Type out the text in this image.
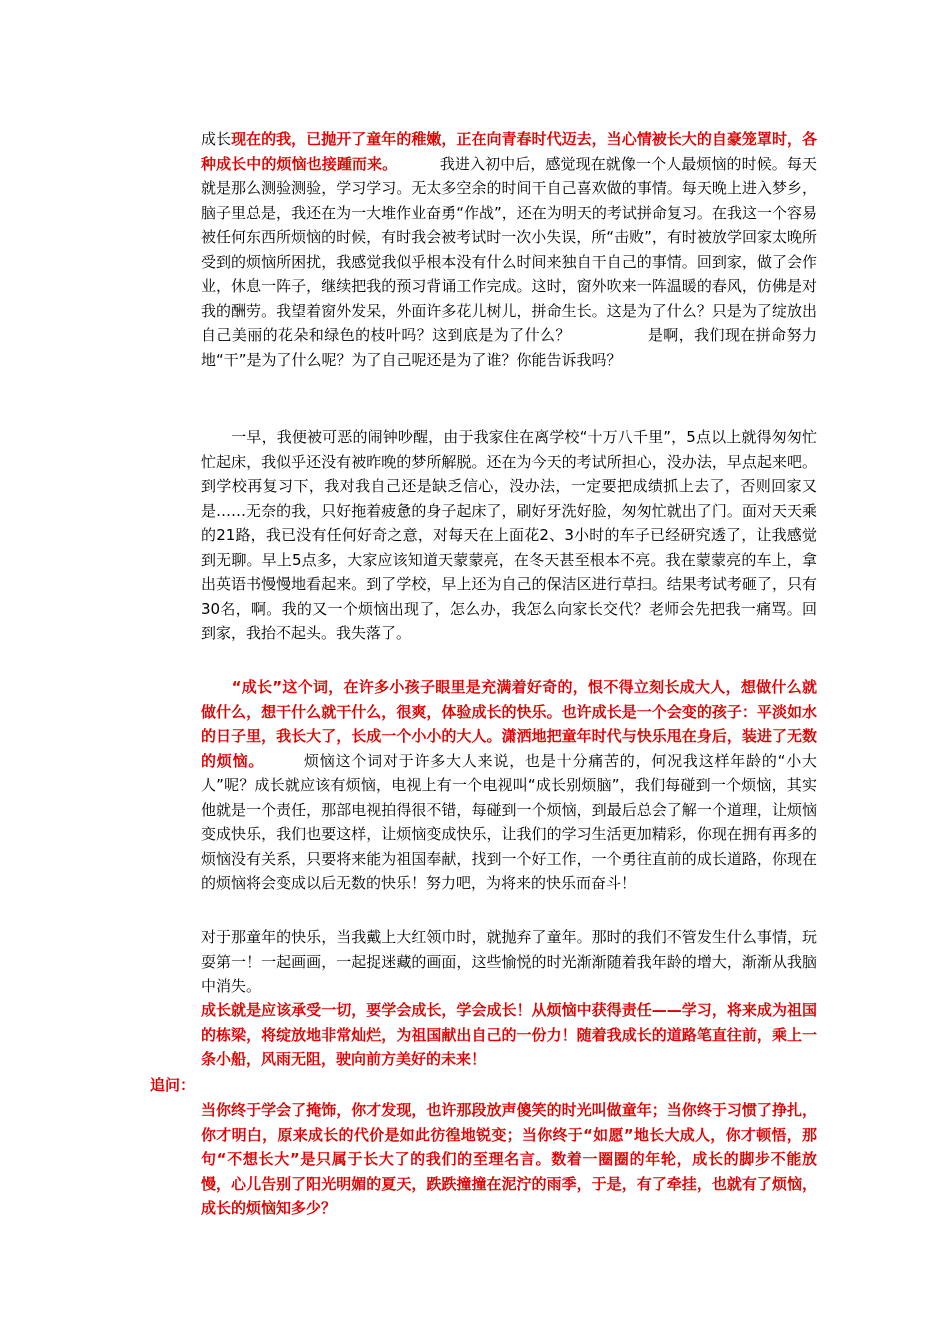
成长现在的我，已抛开了童年的稚嫩，正在向青春时代迈去，当心情被长大的自豪笼罩时，各种成长中的烦恼也接踵而来。　　　 我进入初中后，感觉现在就像一个人最烦恼的时候。每天就是那么测验测验，学习学习。无太多空余的时间干自己喜欢做的事情。每天晚上进入梦乡，脑子里总是，我还在为一大堆作业奋勇“作战”，还在为明天的考试拼命复习。在我这一个容易被任何东西所烦恼的时候，有时我会被考试时一次小失误，所“击败”，有时被放学回家太晚所受到的烦恼所困扰，我感觉我似乎根本没有什么时间来独自干自己的事情。回到家，做了会作业，休息一阵子，继续把我的预习背诵工作完成。这时，窗外吹来一阵温暖的春风，仿佛是对我的酬劳。我望着窗外发呆，外面许多花儿树儿，拼命生长。这是为了什么？只是为了绽放出自己美丽的花朵和绿色的枝叶吗？这到底是为了什么？　　　　　是啊，我们现在拼命努力地“干”是为了什么呢？为了自己呢还是为了谁？你能告诉我吗？
　　一早，我便被可恶的闹钟吵醒，由于我家住在离学校“十万八千里”，5点以上就得匆匆忙忙起床，我似乎还没有被昨晚的梦所解脱。还在为今天的考试所担心，没办法，早点起来吧。到学校再复习下，我对我自己还是缺乏信心，没办法，一定要把成绩抓上去了，否则回家又是……无奈的我，只好拖着疲惫的身子起床了，刷好牙洗好脸，匆匆忙就出了门。面对天天乘的21路，我已没有任何好奇之意，对每天在上面花2、3小时的车子已经研究透了，让我感觉到无聊。早上5点多，大家应该知道天蒙蒙亮，在冬天甚至根本不亮。我在蒙蒙亮的车上，拿出英语书慢慢地看起来。到了学校，早上还为自己的保洁区进行草扫。结果考试考砸了，只有30名，啊。我的又一个烦恼出现了，怎么办，我怎么向家长交代？老师会先把我一痛骂。回到家，我抬不起头。我失落了。
　　“成长”这个词，在许多小孩子眼里是充满着好奇的，恨不得立刻长成大人，想做什么就做什么，想干什么就干什么，很爽，体验成长的快乐。也许成长是一个会变的孩子：平淡如水的日子里，我长大了，长成一个小小的大人。潇洒地把童年时代与快乐甩在身后，装进了无数的烦恼。　　　烦恼这个词对于许多大人来说，也是十分痛苦的，何况我这样年龄的“小大人”呢？成长就应该有烦恼，电视上有一个电视叫“成长别烦脑”，我们每碰到一个烦恼，其实他就是一个责任，那部电视拍得很不错，每碰到一个烦恼，到最后总会了解一个道理，让烦恼变成快乐，我们也要这样，让烦恼变成快乐，让我们的学习生活更加精彩，你现在拥有再多的烦恼没有关系，只要将来能为祖国奉献，找到一个好工作，一个勇往直前的成长道路，你现在的烦恼将会变成以后无数的快乐！努力吧，为将来的快乐而奋斗！
对于那童年的快乐，当我戴上大红领巾时，就抛弃了童年。那时的我们不管发生什么事情，玩耍第一！一起画画，一起捉迷藏的画面，这些愉悦的时光渐渐随着我年龄的增大，渐渐从我脑中消失。
成长就是应该承受一切，要学会成长，学会成长！从烦恼中获得责任——学习，将来成为祖国的栋梁，将绽放地非常灿烂，为祖国献出自己的一份力！随着我成长的道路笔直往前，乘上一条小船，风雨无阻，驶向前方美好的未来！
追问：
当你终于学会了掩饰，你才发现，也许那段放声傻笑的时光叫做童年；当你终于习惯了挣扎，你才明白，原来成长的代价是如此彷徨地锐变；当你终于“如愿”地长大成人，你才顿悟，那句“不想长大”是只属于长大了的我们的至理名言。数着一圈圈的年轮，成长的脚步不能放慢，心儿告别了阳光明媚的夏天，跌跌撞撞在泥泞的雨季，于是，有了牵挂，也就有了烦恼，成长的烦恼知多少？
